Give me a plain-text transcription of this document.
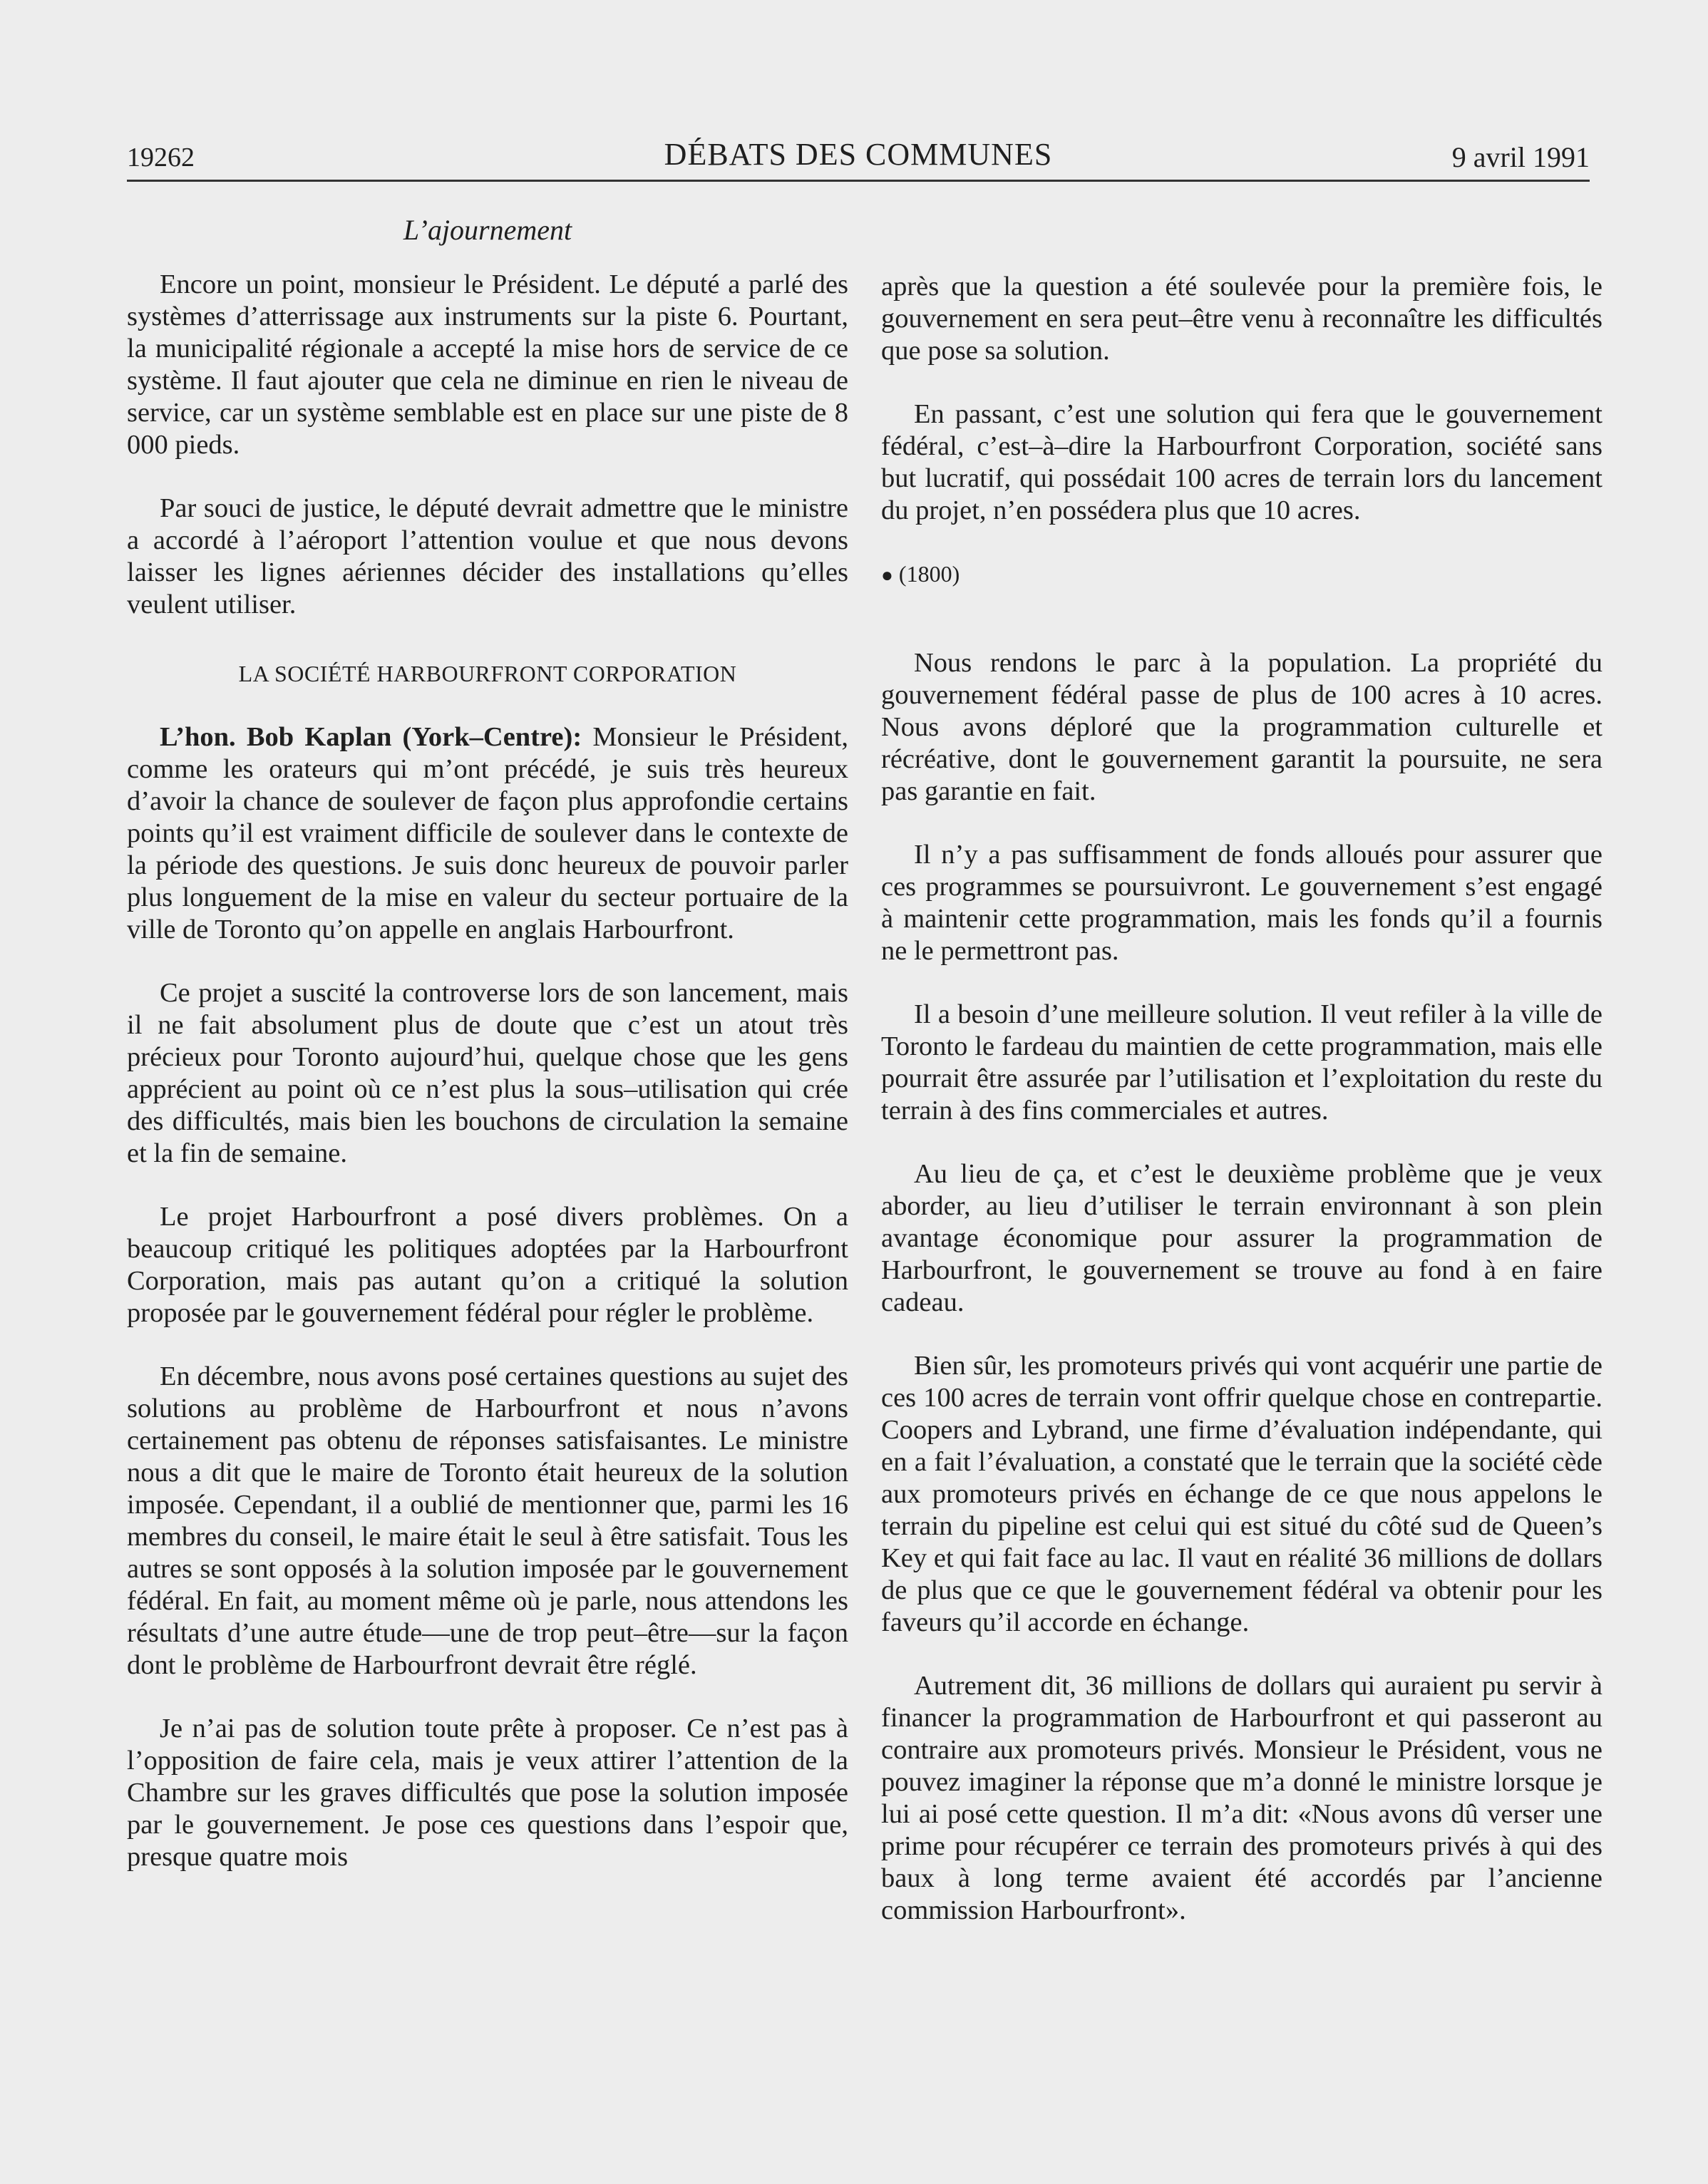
19262	DÉBATS DES COMMUNES	9 avril 1991
L’ajournement

Encore un point, monsieur le Président. Le député a parlé des systèmes d’atterrissage aux instruments sur la piste 6. Pourtant, la municipalité régionale a accepté la mise hors de service de ce système. Il faut ajouter que cela ne diminue en rien le niveau de service, car un système semblable est en place sur une piste de 8 000 pieds.

Par souci de justice, le député devrait admettre que le ministre a accordé à l’aéroport l’attention voulue et que nous devons laisser les lignes aériennes décider des installations qu’elles veulent utiliser.

LA SOCIÉTÉ HARBOURFRONT CORPORATION

L’hon. Bob Kaplan (York–Centre): Monsieur le Président, comme les orateurs qui m’ont précédé, je suis très heureux d’avoir la chance de soulever de façon plus approfondie certains points qu’il est vraiment difficile de soulever dans le contexte de la période des questions. Je suis donc heureux de pouvoir parler plus longuement de la mise en valeur du secteur portuaire de la ville de Toronto qu’on appelle en anglais Harbourfront.

Ce projet a suscité la controverse lors de son lancement, mais il ne fait absolument plus de doute que c’est un atout très précieux pour Toronto aujourd’hui, quelque chose que les gens apprécient au point où ce n’est plus la sous–utilisation qui crée des difficultés, mais bien les bouchons de circulation la semaine et la fin de semaine.

Le projet Harbourfront a posé divers problèmes. On a beaucoup critiqué les politiques adoptées par la Harbourfront Corporation, mais pas autant qu’on a critiqué la solution proposée par le gouvernement fédéral pour régler le problème.

En décembre, nous avons posé certaines questions au sujet des solutions au problème de Harbourfront et nous n’avons certainement pas obtenu de réponses satisfaisantes. Le ministre nous a dit que le maire de Toronto était heureux de la solution imposée. Cependant, il a oublié de mentionner que, parmi les 16 membres du conseil, le maire était le seul à être satisfait. Tous les autres se sont opposés à la solution imposée par le gouvernement fédéral. En fait, au moment même où je parle, nous attendons les résultats d’une autre étude—une de trop peut–être—sur la façon dont le problème de Harbourfront devrait être réglé.

Je n’ai pas de solution toute prête à proposer. Ce n’est pas à l’opposition de faire cela, mais je veux attirer l’attention de la Chambre sur les graves difficultés que pose la solution imposée par le gouvernement. Je pose ces questions dans l’espoir que, presque quatre mois

après que la question a été soulevée pour la première fois, le gouvernement en sera peut–être venu à reconnaître les difficultés que pose sa solution.

En passant, c’est une solution qui fera que le gouvernement fédéral, c’est–à–dire la Harbourfront Corporation, société sans but lucratif, qui possédait 100 acres de terrain lors du lancement du projet, n’en possédera plus que 10 acres.

● (1800)

Nous rendons le parc à la population. La propriété du gouvernement fédéral passe de plus de 100 acres à 10 acres. Nous avons déploré que la programmation culturelle et récréative, dont le gouvernement garantit la poursuite, ne sera pas garantie en fait.

Il n’y a pas suffisamment de fonds alloués pour assurer que ces programmes se poursuivront. Le gouvernement s’est engagé à maintenir cette programmation, mais les fonds qu’il a fournis ne le permettront pas.

Il a besoin d’une meilleure solution. Il veut refiler à la ville de Toronto le fardeau du maintien de cette programmation, mais elle pourrait être assurée par l’utilisation et l’exploitation du reste du terrain à des fins commerciales et autres.

Au lieu de ça, et c’est le deuxième problème que je veux aborder, au lieu d’utiliser le terrain environnant à son plein avantage économique pour assurer la programmation de Harbourfront, le gouvernement se trouve au fond à en faire cadeau.

Bien sûr, les promoteurs privés qui vont acquérir une partie de ces 100 acres de terrain vont offrir quelque chose en contrepartie. Coopers and Lybrand, une firme d’évaluation indépendante, qui en a fait l’évaluation, a constaté que le terrain que la société cède aux promoteurs privés en échange de ce que nous appelons le terrain du pipeline est celui qui est situé du côté sud de Queen’s Key et qui fait face au lac. Il vaut en réalité 36 millions de dollars de plus que ce que le gouvernement fédéral va obtenir pour les faveurs qu’il accorde en échange.

Autrement dit, 36 millions de dollars qui auraient pu servir à financer la programmation de Harbourfront et qui passeront au contraire aux promoteurs privés. Monsieur le Président, vous ne pouvez imaginer la réponse que m’a donné le ministre lorsque je lui ai posé cette question. Il m’a dit: «Nous avons dû verser une prime pour récupérer ce terrain des promoteurs privés à qui des baux à long terme avaient été accordés par l’ancienne commission Harbourfront».
